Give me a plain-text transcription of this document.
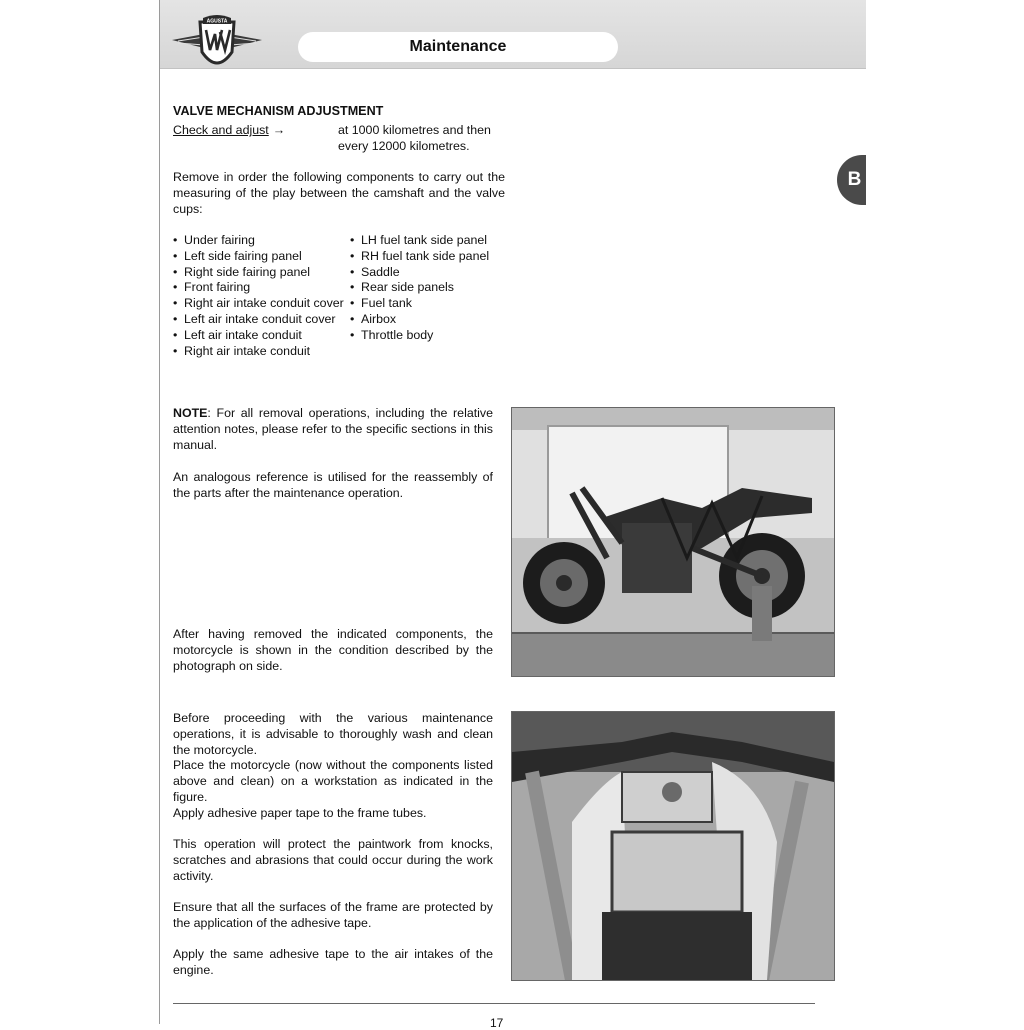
AGUSTA
Maintenance
B
VALVE MECHANISM ADJUSTMENT
Check and adjust →	at 1000 kilometres and then every 12000 kilometres.
Remove in order the following components to carry out the measuring of the play between the camshaft and the valve cups:
• Under fairing
• Left side fairing panel
• Right side fairing panel
• Front fairing
• Right air intake conduit cover
• Left air intake conduit cover
• Left air intake conduit
• Right air intake conduit
• LH fuel tank side panel
• RH fuel tank side panel
• Saddle
• Rear side panels
• Fuel tank
• Airbox
• Throttle body

NOTE: For all removal operations, including the relative attention notes, please refer to the specific sections in this manual.

An analogous reference is utilised for the reassembly of the parts after the maintenance operation.

After having removed the indicated components, the motorcycle is shown in the condition described by the photograph on side.

Before proceeding with the various maintenance operations, it is advisable to thoroughly wash and clean the motorcycle.

Place the motorcycle (now without the components listed above and clean) on a workstation as indicated in the figure.

Apply adhesive paper tape to the frame tubes.

This operation will protect the paintwork from knocks, scratches and abrasions that could occur during the work activity.

Ensure that all the surfaces of the frame are protected by the application of the adhesive tape.

Apply the same adhesive tape to the air intakes of the engine.

17
